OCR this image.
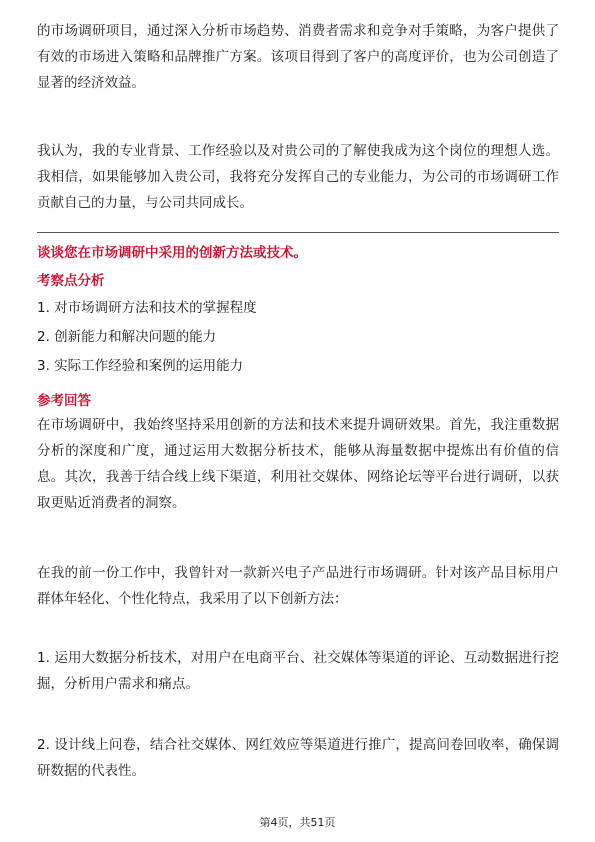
的市场调研项目，通过深入分析市场趋势、消费者需求和竞争对手策略，为客户提供了有效的市场进入策略和品牌推广方案。该项目得到了客户的高度评价，也为公司创造了显著的经济效益。

我认为，我的专业背景、工作经验以及对贵公司的了解使我成为这个岗位的理想人选。我相信，如果能够加入贵公司，我将充分发挥自己的专业能力，为公司的市场调研工作贡献自己的力量，与公司共同成长。

谈谈您在市场调研中采用的创新方法或技术。

考察点分析

1. 对市场调研方法和技术的掌握程度

2. 创新能力和解决问题的能力

3. 实际工作经验和案例的运用能力

参考回答

在市场调研中，我始终坚持采用创新的方法和技术来提升调研效果。首先，我注重数据分析的深度和广度，通过运用大数据分析技术，能够从海量数据中提炼出有价值的信息。其次，我善于结合线上线下渠道，利用社交媒体、网络论坛等平台进行调研，以获取更贴近消费者的洞察。

在我的前一份工作中，我曾针对一款新兴电子产品进行市场调研。针对该产品目标用户群体年轻化、个性化特点，我采用了以下创新方法：

1. 运用大数据分析技术，对用户在电商平台、社交媒体等渠道的评论、互动数据进行挖掘，分析用户需求和痛点。

2. 设计线上问卷，结合社交媒体、网红效应等渠道进行推广，提高问卷回收率，确保调研数据的代表性。

第4页，共51页
